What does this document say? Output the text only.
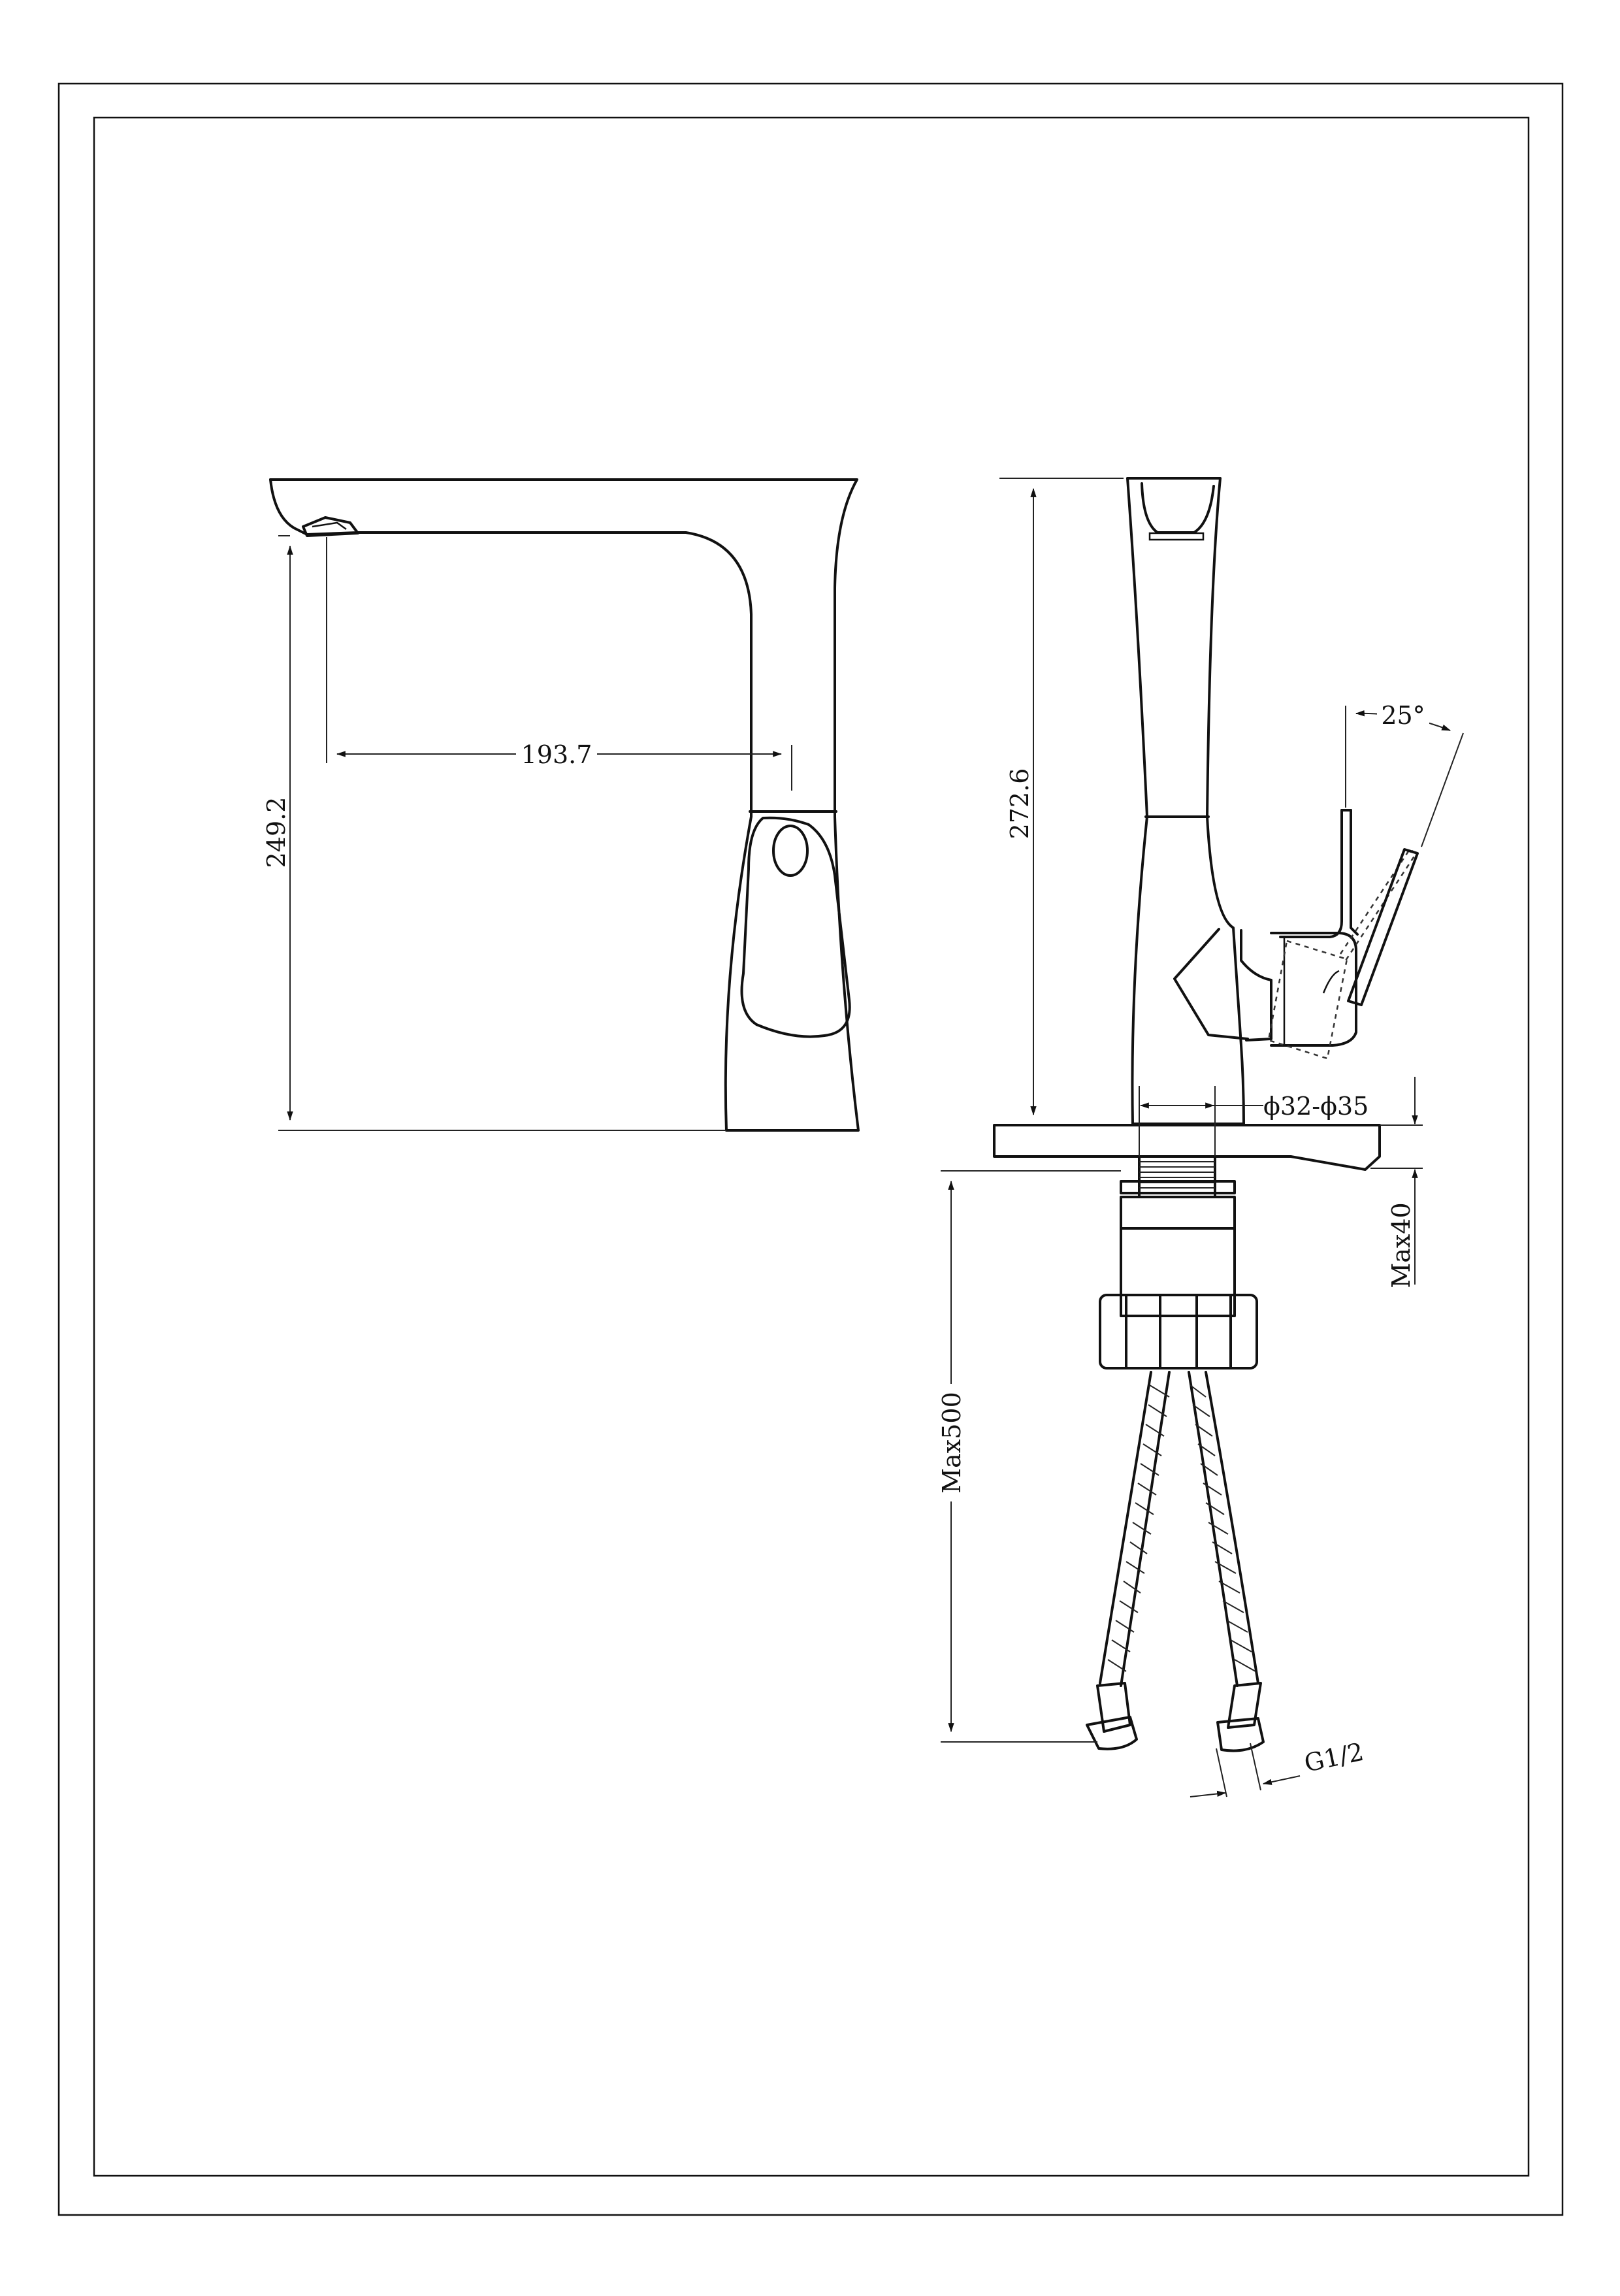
249.2
193.7
272.6
25°
ϕ32-ϕ35
Max40
Max500
G1/2
